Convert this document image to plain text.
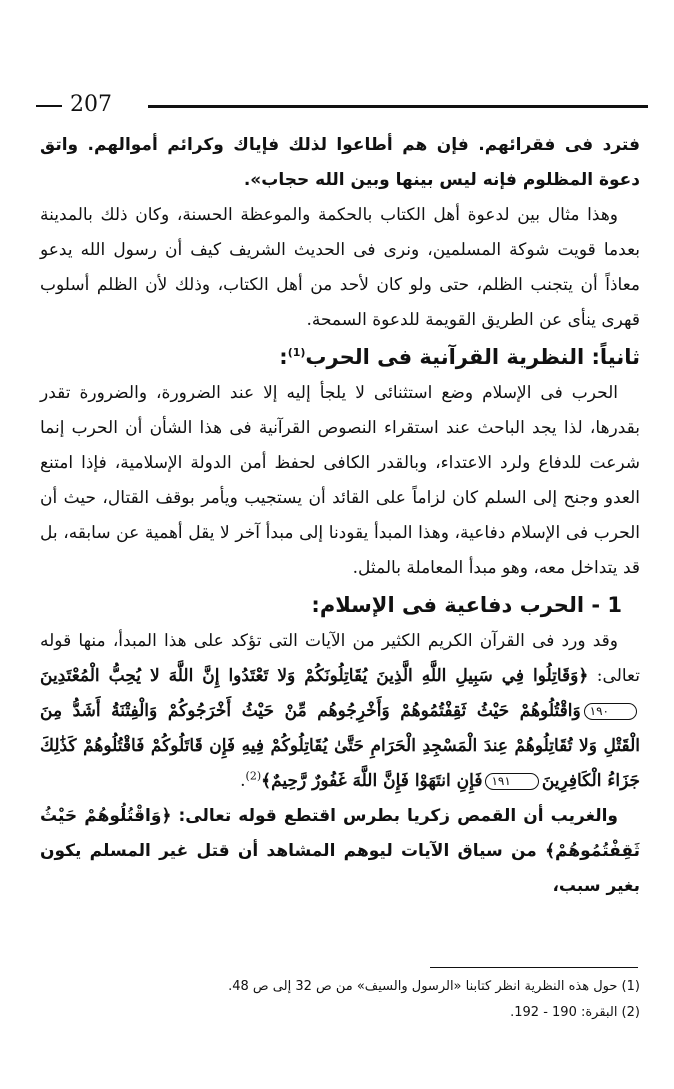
207

فترد فى فقرائهم. فإن هم أطاعوا لذلك فإياك وكرائم أموالهم. واتق دعوة المظلوم فإنه ليس بينها وبين الله حجاب».

وهذا مثال بين لدعوة أهل الكتاب بالحكمة والموعظة الحسنة، وكان ذلك بالمدينة بعدما قويت شوكة المسلمين، ونرى فى الحديث الشريف كيف أن رسول الله يدعو معاذاً أن يتجنب الظلم، حتى ولو كان لأحد من أهل الكتاب، وذلك لأن الظلم أسلوب قهرى ينأى عن الطريق القويمة للدعوة السمحة.

ثانياً: النظرية القرآنية فى الحرب$^{(1)}$:

الحرب فى الإسلام وضع استثنائى لا يلجأ إليه إلا عند الضرورة، والضرورة تقدر بقدرها، لذا يجد الباحث عند استقراء النصوص القرآنية فى هذا الشأن أن الحرب إنما شرعت للدفاع ولرد الاعتداء، وبالقدر الكافى لحفظ أمن الدولة الإسلامية، فإذا امتنع العدو وجنح إلى السلم كان لزاماً على القائد أن يستجيب ويأمر بوقف القتال، حيث أن الحرب فى الإسلام دفاعية، وهذا المبدأ يقودنا إلى مبدأ آخر لا يقل أهمية عن سابقه، بل قد يتداخل معه، وهو مبدأ المعاملة بالمثل.

1 - الحرب دفاعية فى الإسلام:

وقد ورد فى القرآن الكريم الكثير من الآيات التى تؤكد على هذا المبدأ، منها قوله تعالى: ﴿وَقَاتِلُوا فِي سَبِيلِ اللَّهِ الَّذِينَ يُقَاتِلُونَكُمْ وَلا تَعْتَدُوا إِنَّ اللَّهَ لا يُحِبُّ الْمُعْتَدِينَ١٩٠وَاقْتُلُوهُمْ حَيْثُ ثَقِفْتُمُوهُمْ وَأَخْرِجُوهُم مِّنْ حَيْثُ أَخْرَجُوكُمْ وَالْفِتْنَةُ أَشَدُّ مِنَ الْقَتْلِ وَلا تُقَاتِلُوهُمْ عِندَ الْمَسْجِدِ الْحَرَامِ حَتَّىٰ يُقَاتِلُوكُمْ فِيهِ فَإِن قَاتَلُوكُمْ فَاقْتُلُوهُمْ كَذَٰلِكَ جَزَاءُ الْكَافِرِينَ١٩١فَإِنِ انتَهَوْا فَإِنَّ اللَّهَ غَفُورٌ رَّحِيمٌ﴾$^{(2)}$.

والغريب أن القمص زكريا بطرس اقتطع قوله تعالى: ﴿وَاقْتُلُوهُمْ حَيْثُ ثَقِفْتُمُوهُمْ﴾ من سياق الآيات ليوهم المشاهد أن قتل غير المسلم يكون بغير سبب،

(1) حول هذه النظرية انظر كتابنا «الرسول والسيف» من ص 32 إلى ص 48.

(2) البقرة: 190 - 192.
